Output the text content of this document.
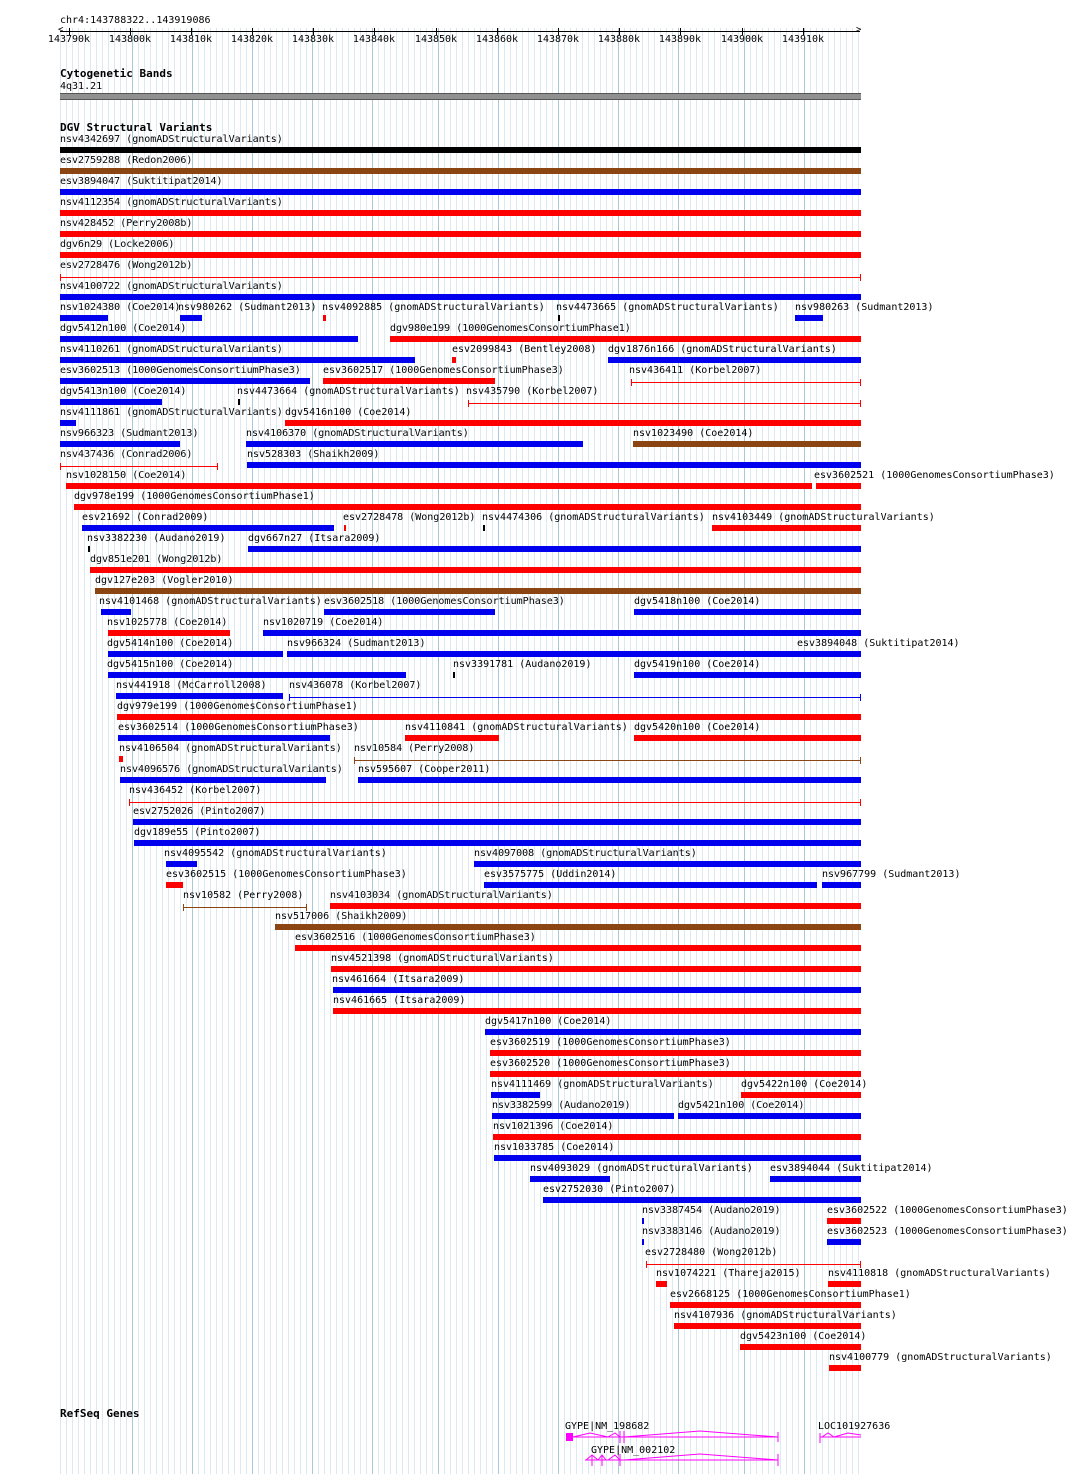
chr4:143788322..143919086
<	>
143790k 143800k 143810k 143820k 143830k 143840k 143850k 143860k 143870k 143880k 143890k 143900k 143910k
Cytogenetic Bands
4q31.21
DGV Structural Variants
nsv4342697 (gnomADStructuralVariants)
esv2759288 (Redon2006)
esv3894047 (Suktitipat2014)
nsv4112354 (gnomADStructuralVariants)
nsv428452 (Perry2008b)
dgv6n29 (Locke2006)
esv2728476 (Wong2012b)
nsv4100722 (gnomADStructuralVariants)
nsv1024380 (Coe2014)
nsv980262 (Sudmant2013) nsv4092885 (gnomADStructuralVariants) nsv4473665 (gnomADStructuralVariants) nsv980263 (Sudmant2013)
dgv5412n100 (Coe2014)	dgv980e199 (1000GenomesConsortiumPhase1)
nsv4110261 (gnomADStructuralVariants)	esv2099843 (Bentley2008) dgv1876n166 (gnomADStructuralVariants)
esv3602513 (1000GenomesConsortiumPhase3) esv3602517 (1000GenomesConsortiumPhase3)	nsv436411 (Korbel2007)
dgv5413n100 (Coe2014)	nsv4473664 (gnomADStructuralVariants) nsv435790 (Korbel2007)
nsv4111861 (gnomADStructuralVariants) dgv5416n100 (Coe2014)
nsv966323 (Sudmant2013)	nsv4106370 (gnomADStructuralVariants)	nsv1023490 (Coe2014)
nsv437436 (Conrad2006)	nsv528303 (Shaikh2009)
nsv1028150 (Coe2014)	esv3602521 (1000GenomesConsortiumPhase3)
dgv978e199 (1000GenomesConsortiumPhase1)
esv21692 (Conrad2009)	esv2728478 (Wong2012b) nsv4474306 (gnomADStructuralVariants) nsv4103449 (gnomADStructuralVariants)
nsv3382230 (Audano2019) dgv667n27 (Itsara2009)
dgv851e201 (Wong2012b)
dgv127e203 (Vogler2010)
nsv4101468 (gnomADStructuralVariants) esv3602518 (1000GenomesConsortiumPhase3)	dgv5418n100 (Coe2014)
nsv1025778 (Coe2014)	nsv1020719 (Coe2014)
dgv5414n100 (Coe2014)	nsv966324 (Sudmant2013)	esv3894048 (Suktitipat2014)
dgv5415n100 (Coe2014)	nsv3391781 (Audano2019)	dgv5419n100 (Coe2014)
nsv441918 (McCarroll2008) nsv436078 (Korbel2007)
dgv979e199 (1000GenomesConsortiumPhase1)
esv3602514 (1000GenomesConsortiumPhase3)	nsv4110841 (gnomADStructuralVariants) dgv5420n100 (Coe2014)
nsv4106504 (gnomADStructuralVariants) nsv10584 (Perry2008)
nsv4096576 (gnomADStructuralVariants) nsv595607 (Cooper2011)
nsv436452 (Korbel2007)
esv2752026 (Pinto2007)
dgv189e55 (Pinto2007)
nsv4095542 (gnomADStructuralVariants)	nsv4097008 (gnomADStructuralVariants)
esv3602515 (1000GenomesConsortiumPhase3)	esv3575775 (Uddin2014)	nsv967799 (Sudmant2013)
nsv10582 (Perry2008)	nsv4103034 (gnomADStructuralVariants)
nsv517006 (Shaikh2009)
esv3602516 (1000GenomesConsortiumPhase3)
nsv4521398 (gnomADStructuralVariants)
nsv461664 (Itsara2009)
nsv461665 (Itsara2009)
dgv5417n100 (Coe2014)
esv3602519 (1000GenomesConsortiumPhase3)
esv3602520 (1000GenomesConsortiumPhase3)
nsv4111469 (gnomADStructuralVariants)	dgv5422n100 (Coe2014)
nsv3382599 (Audano2019)	dgv5421n100 (Coe2014)
nsv1021396 (Coe2014)
nsv1033785 (Coe2014)
nsv4093029 (gnomADStructuralVariants) esv3894044 (Suktitipat2014)
esv2752030 (Pinto2007)
nsv3387454 (Audano2019)	esv3602522 (1000GenomesConsortiumPhase3)
nsv3383146 (Audano2019)	esv3602523 (1000GenomesConsortiumPhase3)
esv2728480 (Wong2012b)
nsv1074221 (Thareja2015)	nsv4110818 (gnomADStructuralVariants)
esv2668125 (1000GenomesConsortiumPhase1)
nsv4107936 (gnomADStructuralVariants)
dgv5423n100 (Coe2014)
nsv4100779 (gnomADStructuralVariants)
RefSeq Genes
GYPE|NM_198682
GYPE|NM_002102
LOC101927636
